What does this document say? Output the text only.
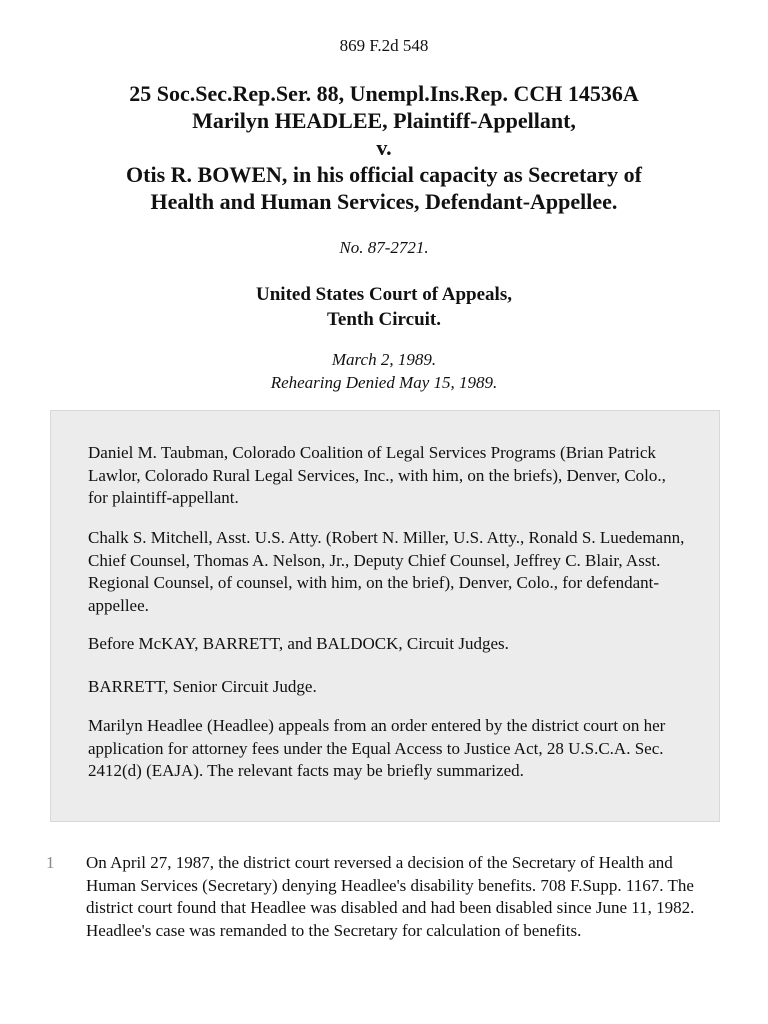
869 F.2d 548
25 Soc.Sec.Rep.Ser. 88, Unempl.Ins.Rep. CCH 14536A
Marilyn HEADLEE, Plaintiff-Appellant,
v.
Otis R. BOWEN, in his official capacity as Secretary of
Health and Human Services, Defendant-Appellee.
No. 87-2721.
United States Court of Appeals,
Tenth Circuit.
March 2, 1989.
Rehearing Denied May 15, 1989.

Daniel M. Taubman, Colorado Coalition of Legal Services Programs (Brian Patrick Lawlor, Colorado Rural Legal Services, Inc., with him, on the briefs), Denver, Colo., for plaintiff-appellant.

Chalk S. Mitchell, Asst. U.S. Atty. (Robert N. Miller, U.S. Atty., Ronald S. Luedemann, Chief Counsel, Thomas A. Nelson, Jr., Deputy Chief Counsel, Jeffrey C. Blair, Asst. Regional Counsel, of counsel, with him, on the brief), Denver, Colo., for defendant-appellee.

Before McKAY, BARRETT, and BALDOCK, Circuit Judges.

BARRETT, Senior Circuit Judge.

Marilyn Headlee (Headlee) appeals from an order entered by the district court on her application for attorney fees under the Equal Access to Justice Act, 28 U.S.C.A. Sec. 2412(d) (EAJA). The relevant facts may be briefly summarized.

1 On April 27, 1987, the district court reversed a decision of the Secretary of Health and Human Services (Secretary) denying Headlee's disability benefits. 708 F.Supp. 1167. The district court found that Headlee was disabled and had been disabled since June 11, 1982. Headlee's case was remanded to the Secretary for calculation of benefits.
